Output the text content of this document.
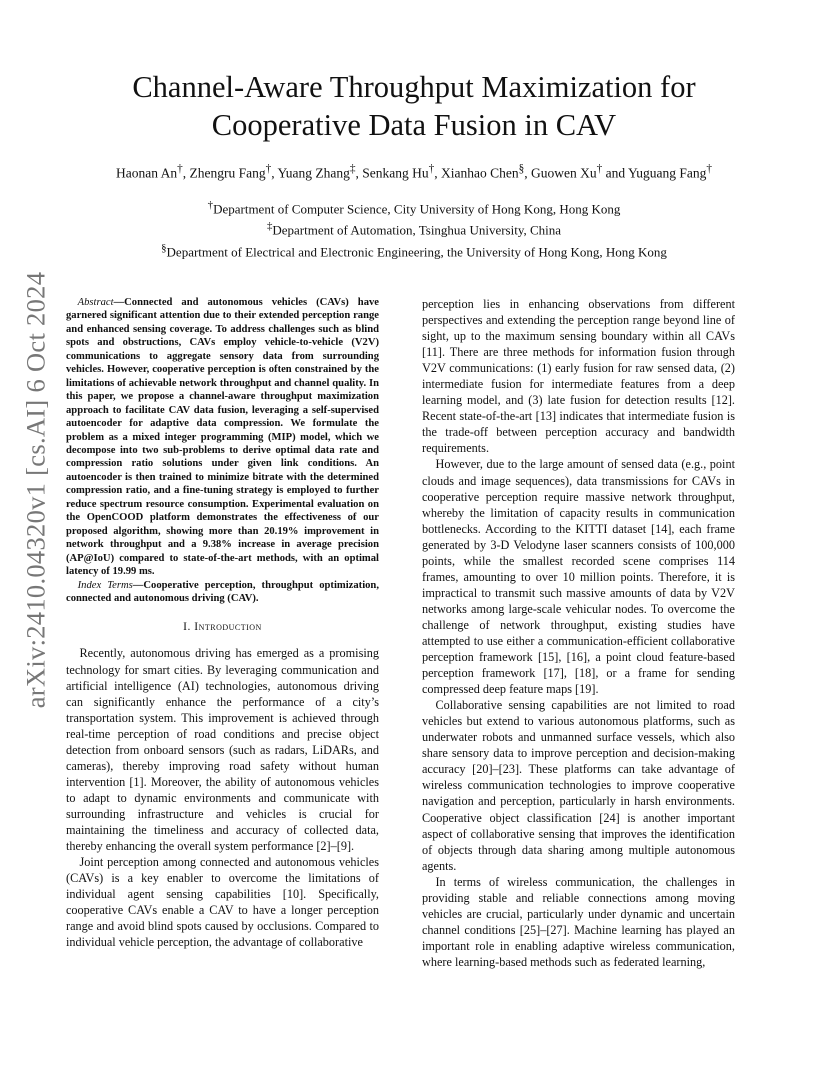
Channel-Aware Throughput Maximization for
Cooperative Data Fusion in CAV
Haonan An†, Zhengru Fang†, Yuang Zhang‡, Senkang Hu†, Xianhao Chen§, Guowen Xu† and Yuguang Fang†
†Department of Computer Science, City University of Hong Kong, Hong Kong
‡Department of Automation, Tsinghua University, China
§Department of Electrical and Electronic Engineering, the University of Hong Kong, Hong Kong
arXiv:2410.04320v1 [cs.AI] 6 Oct 2024	Abstract—Connected and autonomous vehicles (CAVs) have garnered significant attention due to their extended perception range and enhanced sensing coverage. To address challenges such as blind spots and obstructions, CAVs employ vehicle-to-vehicle (V2V) communications to aggregate sensory data from surrounding vehicles. However, cooperative perception is often constrained by the limitations of achievable network throughput and channel quality. In this paper, we propose a channel-aware throughput maximization approach to facilitate CAV data fusion, leveraging a self-supervised autoencoder for adaptive data compression. We formulate the problem as a mixed integer programming (MIP) model, which we decompose into two sub-problems to derive optimal data rate and compression ratio solutions under given link conditions. An autoencoder is then trained to minimize bitrate with the determined compression ratio, and a fine-tuning strategy is employed to further reduce spectrum resource consumption. Experimental evaluation on the OpenCOOD platform demonstrates the effectiveness of our proposed algorithm, showing more than 20.19% improvement in network throughput and a 9.38% increase in average precision (AP@IoU) compared to state-of-the-art methods, with an optimal latency of 19.99 ms.

Index Terms—Cooperative perception, throughput optimization, connected and autonomous driving (CAV).

I. Introduction

Recently, autonomous driving has emerged as a promising technology for smart cities. By leveraging communication and artificial intelligence (AI) technologies, autonomous driving can significantly enhance the performance of a city’s transportation system. This improvement is achieved through real-time perception of road conditions and precise object detection from onboard sensors (such as radars, LiDARs, and cameras), thereby improving road safety without human intervention [1]. Moreover, the ability of autonomous vehicles to adapt to dynamic environments and communicate with surrounding infrastructure and vehicles is crucial for maintaining the timeliness and accuracy of collected data, thereby enhancing the overall system performance [2]–[9].

Joint perception among connected and autonomous vehicles (CAVs) is a key enabler to overcome the limitations of individual agent sensing capabilities [10]. Specifically, cooperative CAVs enable a CAV to have a longer perception range and avoid blind spots caused by occlusions. Compared to individual vehicle perception, the advantage of collaborative

perception lies in enhancing observations from different perspectives and extending the perception range beyond line of sight, up to the maximum sensing boundary within all CAVs [11]. There are three methods for information fusion through V2V communications: (1) early fusion for raw sensed data, (2) intermediate fusion for intermediate features from a deep learning model, and (3) late fusion for detection results [12]. Recent state-of-the-art [13] indicates that intermediate fusion is the trade-off between perception accuracy and bandwidth requirements.

However, due to the large amount of sensed data (e.g., point clouds and image sequences), data transmissions for CAVs in cooperative perception require massive network throughput, whereby the limitation of capacity results in communication bottlenecks. According to the KITTI dataset [14], each frame generated by 3-D Velodyne laser scanners consists of 100,000 points, while the smallest recorded scene comprises 114 frames, amounting to over 10 million points. Therefore, it is impractical to transmit such massive amounts of data by V2V networks among large-scale vehicular nodes. To overcome the challenge of network throughput, existing studies have attempted to use either a communication-efficient collaborative perception framework [15], [16], a point cloud feature-based perception framework [17], [18], or a frame for sending compressed deep feature maps [19].

Collaborative sensing capabilities are not limited to road vehicles but extend to various autonomous platforms, such as underwater robots and unmanned surface vessels, which also share sensory data to improve perception and decision-making accuracy [20]–[23]. These platforms can take advantage of wireless communication technologies to improve cooperative navigation and perception, particularly in harsh environments. Cooperative object classification [24] is another important aspect of collaborative sensing that improves the identification of objects through data sharing among multiple autonomous agents.

In terms of wireless communication, the challenges in providing stable and reliable connections among moving vehicles are crucial, particularly under dynamic and uncertain channel conditions [25]–[27]. Machine learning has played an important role in enabling adaptive wireless communication, where learning-based methods such as federated learning,
